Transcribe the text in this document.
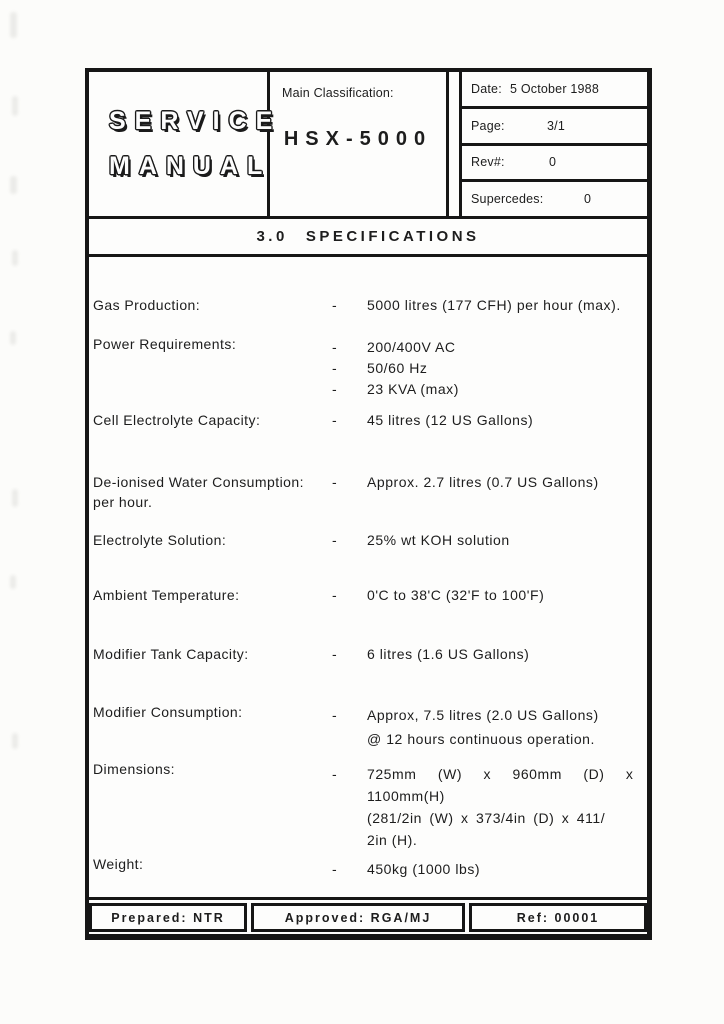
SERVICE
MANUAL
Main Classification:
HSX-5000
Date: 5 October 1988
Page:	3/1
Rev#:	0
Supercedes:	0
3.0 SPECIFICATIONS
Gas Production:	-	5000 litres (177 CFH) per hour (max).
Power Requirements:	-	200/400V AC
-	50/60 Hz
-	23 KVA (max)
Cell Electrolyte Capacity:	-	45 litres (12 US Gallons)
De-ionised Water Consumption:
per hour.
-	Approx. 2.7 litres (0.7 US Gallons)
Electrolyte Solution:	-	25% wt KOH solution
Ambient Temperature:	-	0'C to 38'C (32'F to 100'F)
Modifier Tank Capacity:	-	6 litres (1.6 US Gallons)
Modifier Consumption:	-	Approx, 7.5 litres (2.0 US Gallons)
@ 12 hours continuous operation.
Dimensions:	-	725mm (W) x 960mm (D) x
1100mm(H)
(281/2in (W) x 373/4in (D) x 411/
2in (H).
Weight:	-	450kg (1000 lbs)
Prepared: NTR	Approved: RGA/MJ	Ref: 00001
